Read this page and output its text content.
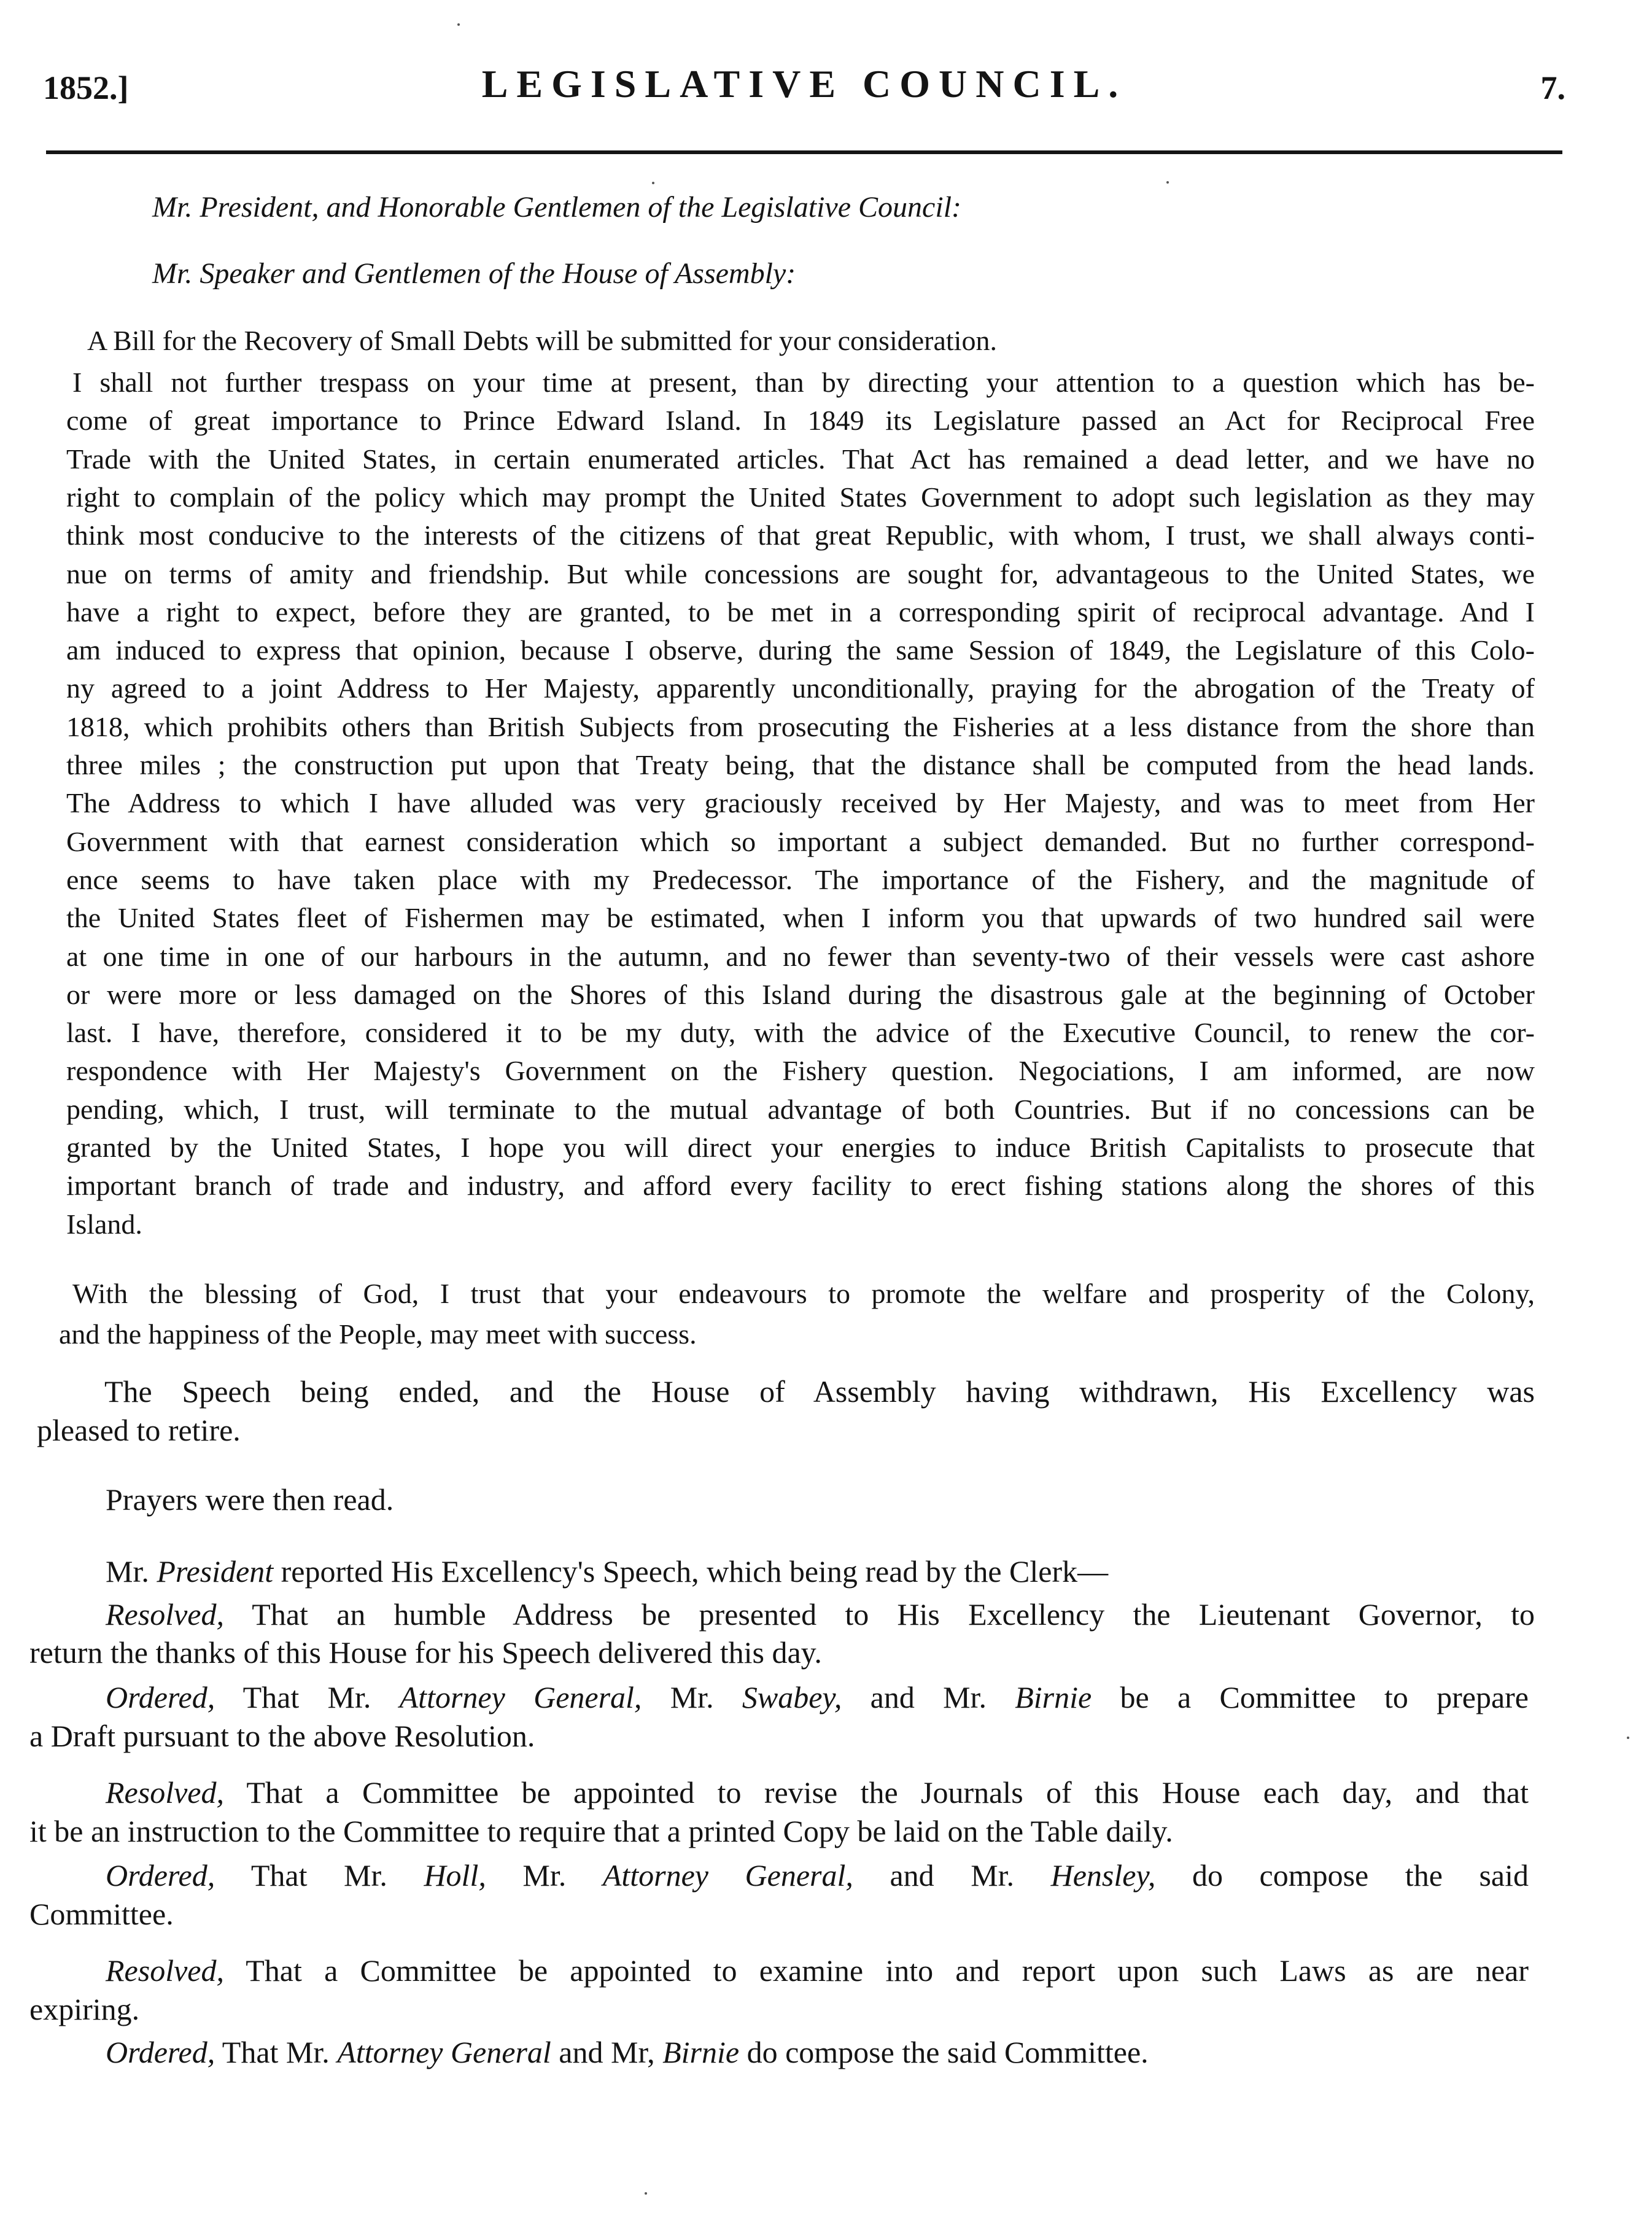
1852.]	LEGISLATIVE COUNCIL.	7.

Mr. President, and Honorable Gentlemen of the Legislative Council:

Mr. Speaker and Gentlemen of the House of Assembly:

A Bill for the Recovery of Small Debts will be submitted for your consideration.

I shall not further trespass on your time at present, than by directing your attention to a question which has be-

come of great importance to Prince Edward Island. In 1849 its Legislature passed an Act for Reciprocal Free

Trade with the United States, in certain enumerated articles. That Act has remained a dead letter, and we have no

right to complain of the policy which may prompt the United States Government to adopt such legislation as they may

think most conducive to the interests of the citizens of that great Republic, with whom, I trust, we shall always conti-

nue on terms of amity and friendship. But while concessions are sought for, advantageous to the United States, we

have a right to expect, before they are granted, to be met in a corresponding spirit of reciprocal advantage. And I

am induced to express that opinion, because I observe, during the same Session of 1849, the Legislature of this Colo-

ny agreed to a joint Address to Her Majesty, apparently unconditionally, praying for the abrogation of the Treaty of

1818, which prohibits others than British Subjects from prosecuting the Fisheries at a less distance from the shore than

three miles ; the construction put upon that Treaty being, that the distance shall be computed from the head lands.

The Address to which I have alluded was very graciously received by Her Majesty, and was to meet from Her

Government with that earnest consideration which so important a subject demanded. But no further correspond-

ence seems to have taken place with my Predecessor. The importance of the Fishery, and the magnitude of

the United States fleet of Fishermen may be estimated, when I inform you that upwards of two hundred sail were

at one time in one of our harbours in the autumn, and no fewer than seventy-two of their vessels were cast ashore

or were more or less damaged on the Shores of this Island during the disastrous gale at the beginning of October

last. I have, therefore, considered it to be my duty, with the advice of the Executive Council, to renew the cor-

respondence with Her Majesty's Government on the Fishery question. Negociations, I am informed, are now

pending, which, I trust, will terminate to the mutual advantage of both Countries. But if no concessions can be

granted by the United States, I hope you will direct your energies to induce British Capitalists to prosecute that

important branch of trade and industry, and afford every facility to erect fishing stations along the shores of this

Island.

With the blessing of God, I trust that your endeavours to promote the welfare and prosperity of the Colony,

and the happiness of the People, may meet with success.

The Speech being ended, and the House of Assembly having withdrawn, His Excellency was

pleased to retire.

Prayers were then read.

Mr. President reported His Excellency's Speech, which being read by the Clerk—

Resolved, That an humble Address be presented to His Excellency the Lieutenant Governor, to

return the thanks of this House for his Speech delivered this day.

Ordered, That Mr. Attorney General, Mr. Swabey, and Mr. Birnie be a Committee to prepare

a Draft pursuant to the above Resolution.

Resolved, That a Committee be appointed to revise the Journals of this House each day, and that

it be an instruction to the Committee to require that a printed Copy be laid on the Table daily.

Ordered, That Mr. Holl, Mr. Attorney General, and Mr. Hensley, do compose the said

Committee.

Resolved, That a Committee be appointed to examine into and report upon such Laws as are near

expiring.

Ordered, That Mr. Attorney General and Mr, Birnie do compose the said Committee.
